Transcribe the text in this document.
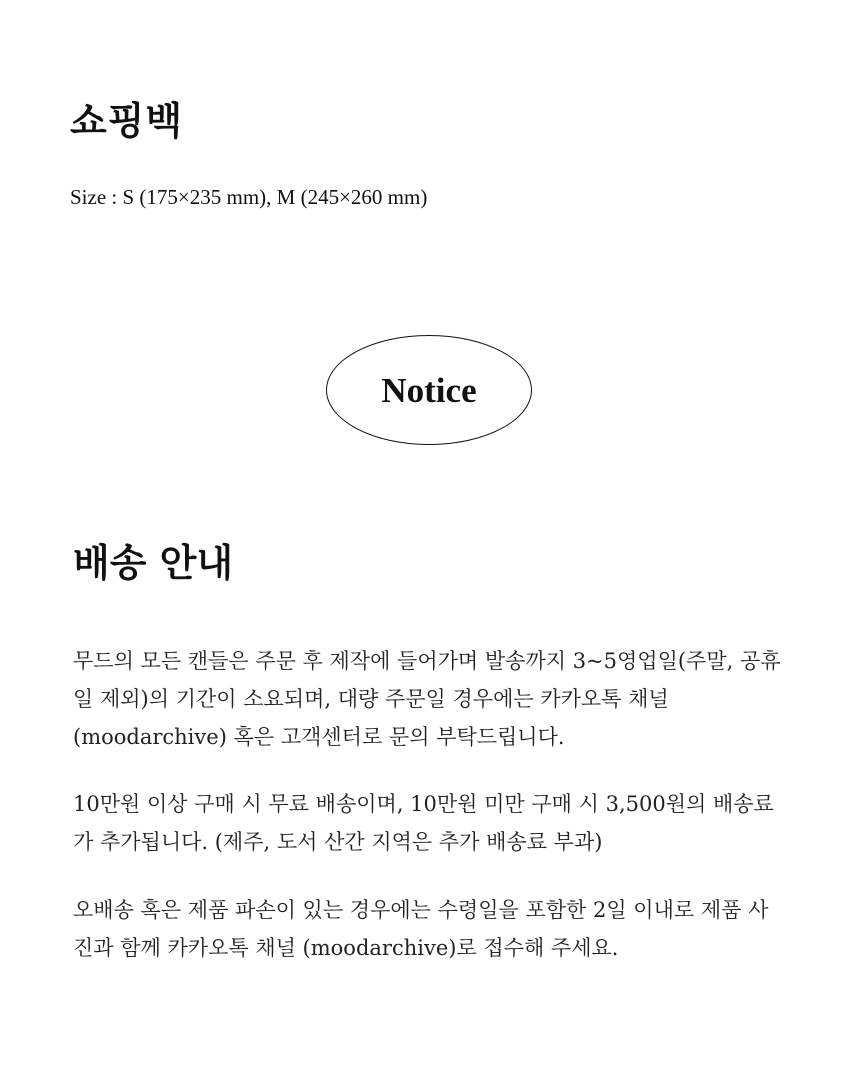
쇼핑백

Size : S (175×235 mm), M (245×260 mm)

Notice
배송 안내

무드의 모든 캔들은 주문 후 제작에 들어가며 발송까지 3~5영업일(주말, 공휴일 제외)의 기간이 소요되며, 대량 주문일 경우에는 카카오톡 채널 (moodarchive) 혹은 고객센터로 문의 부탁드립니다.

10만원 이상 구매 시 무료 배송이며, 10만원 미만 구매 시 3,500원의 배송료가 추가됩니다. (제주, 도서 산간 지역은 추가 배송료 부과)

오배송 혹은 제품 파손이 있는 경우에는 수령일을 포함한 2일 이내로 제품 사진과 함께 카카오톡 채널 (moodarchive)로 접수해 주세요.
